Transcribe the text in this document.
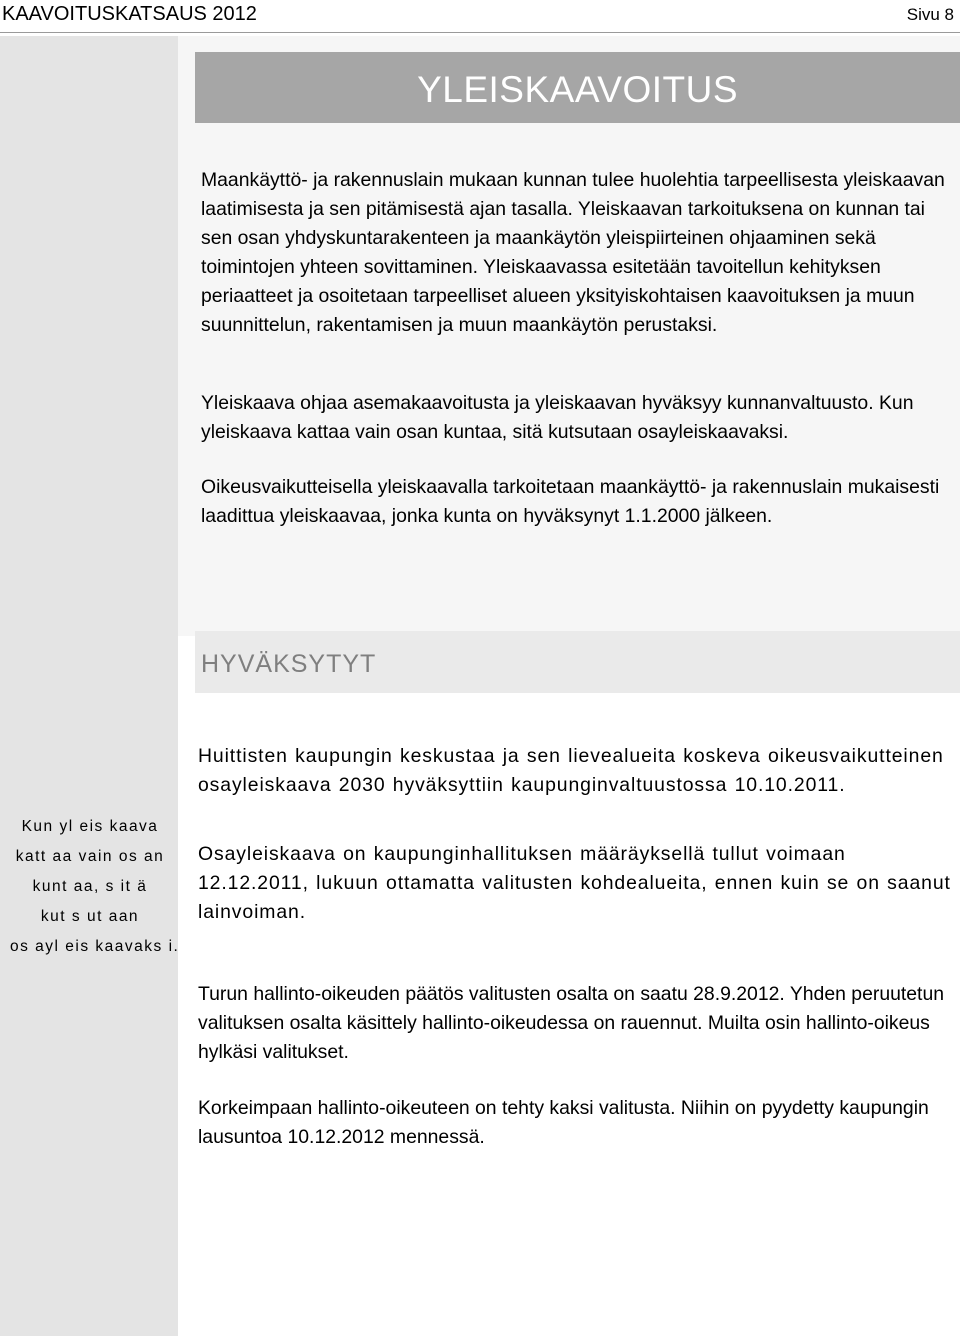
KAAVOITUSKATSAUS 2012	Sivu 8
YLEISKAAVOITUS

Maankäyttö- ja rakennuslain mukaan kunnan tulee huolehtia tarpeellisesta yleiskaavan laatimisesta ja sen pitämisestä ajan tasalla. Yleiskaavan tarkoituksena on kunnan tai sen osan yhdyskuntarakenteen ja maankäytön yleispiirteinen ohjaaminen sekä toimintojen yhteen sovittaminen. Yleiskaavassa esitetään tavoitellun kehityksen periaatteet ja osoitetaan tarpeelliset alueen yksityiskohtaisen kaavoituksen ja muun suunnittelun, rakentamisen ja muun maankäytön perustaksi.

Yleiskaava ohjaa asemakaavoitusta ja yleiskaavan hyväksyy kunnanvaltuusto. Kun yleiskaava kattaa vain osan kuntaa, sitä kutsutaan osayleiskaavaksi.

Oikeusvaikutteisella yleiskaavalla tarkoitetaan maankäyttö- ja rakennuslain mukaisesti laadittua yleiskaavaa, jonka kunta on hyväksynyt 1.1.2000 jälkeen.

HYVÄKSYTYT
Kun yl eis kaava
katt aa vain os an
kunt aa, s it ä
kut s ut aan
os ayl eis kaavaks i.

Huittisten kaupungin keskustaa ja sen lievealueita koskeva oikeusvaikutteinen osayleiskaava 2030 hyväksyttiin kaupunginvaltuustossa 10.10.2011.

Osayleiskaava on kaupunginhallituksen määräyksellä tullut voimaan 12.12.2011, lukuun ottamatta valitusten kohdealueita, ennen kuin se on saanut lainvoiman.

Turun hallinto-oikeuden päätös valitusten osalta on saatu 28.9.2012. Yhden peruutetun valituksen osalta käsittely hallinto-oikeudessa on rauennut. Muilta osin hallinto-oikeus hylkäsi valitukset.

Korkeimpaan hallinto-oikeuteen on tehty kaksi valitusta. Niihin on pyydetty kaupungin lausuntoa 10.12.2012 mennessä.
